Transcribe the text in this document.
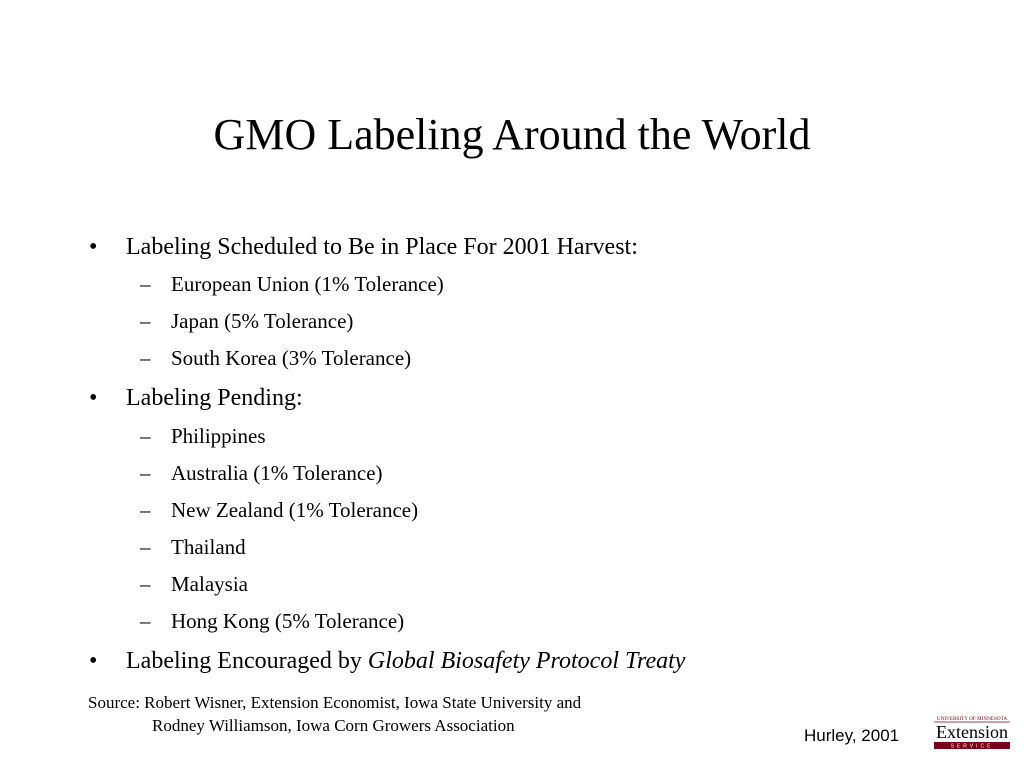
GMO Labeling Around the World
• Labeling Scheduled to Be in Place For 2001 Harvest:
– European Union (1% Tolerance)
– Japan (5% Tolerance)
– South Korea (3% Tolerance)
• Labeling Pending:
– Philippines
– Australia (1% Tolerance)
– New Zealand (1% Tolerance)
– Thailand
– Malaysia
– Hong Kong (5% Tolerance)
• Labeling Encouraged by Global Biosafety Protocol Treaty
Source: Robert Wisner, Extension Economist, Iowa State University and
Rodney Williamson, Iowa Corn Growers Association
Hurley, 2001
UNIVERSITY OF MINNESOTA
Extension
SERVICE
